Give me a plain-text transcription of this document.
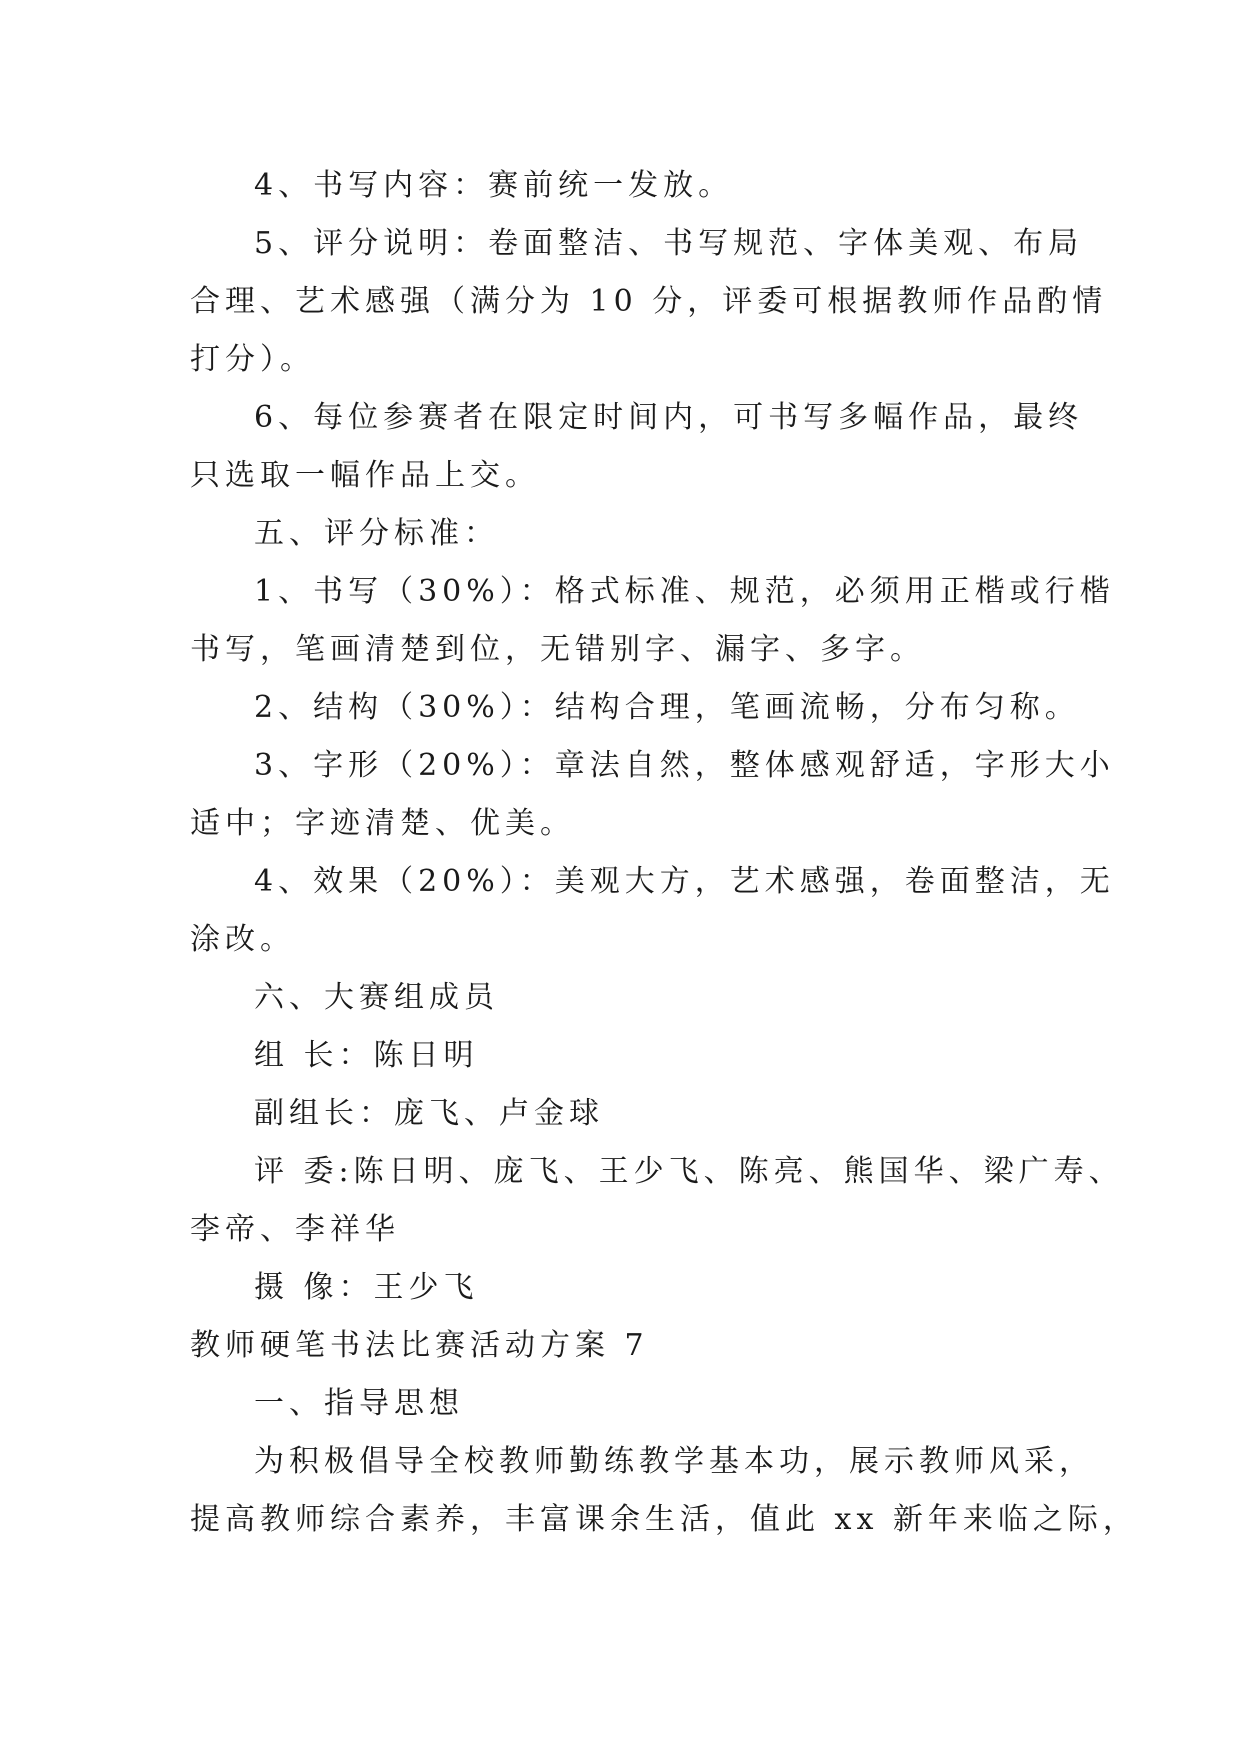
4、书写内容：赛前统一发放。
5、评分说明：卷面整洁、书写规范、字体美观、布局
合理、艺术感强（满分为 10 分，评委可根据教师作品酌情
打分）。
6、每位参赛者在限定时间内，可书写多幅作品，最终
只选取一幅作品上交。
五、评分标准：
1、书写（30%）：格式标准、规范，必须用正楷或行楷
书写，笔画清楚到位，无错别字、漏字、多字。
2、结构（30%）：结构合理，笔画流畅，分布匀称。
3、字形（20%）：章法自然，整体感观舒适，字形大小
适中；字迹清楚、优美。
4、效果（20%）：美观大方，艺术感强，卷面整洁，无
涂改。
六、大赛组成员
组 长：陈日明
副组长：庞飞、卢金球
评 委:陈日明、庞飞、王少飞、陈亮、熊国华、梁广寿、
李帝、李祥华
摄 像：王少飞
教师硬笔书法比赛活动方案 7
一、指导思想
为积极倡导全校教师勤练教学基本功，展示教师风采，
提高教师综合素养，丰富课余生活，值此 xx 新年来临之际，
